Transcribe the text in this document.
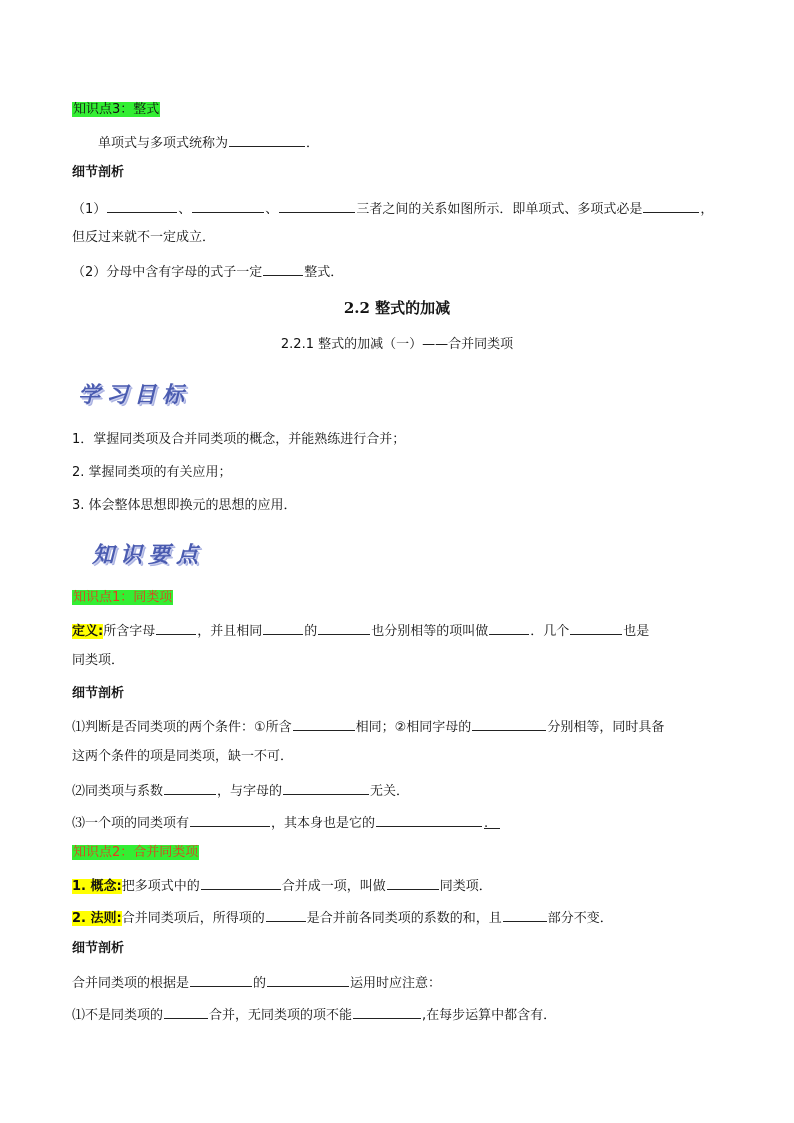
知识点3：整式
单项式与多项式统称为	．
细节剖析
（1）	、	、	三者之间的关系如图所示．即单项式、多项式必是	，
但反过来就不一定成立．
（2）分母中含有字母的式子一定	整式．
2.2 整式的加减
2.2.1 整式的加减（一）——合并同类项
学习目标
1．掌握同类项及合并同类项的概念，并能熟练进行合并；
2. 掌握同类项的有关应用；
3. 体会整体思想即换元的思想的应用．
知识要点
知识点1：同类项
定义:所含字母	，并且相同	的	也分别相等的项叫做	．几个	也是
同类项．
细节剖析
⑴判断是否同类项的两个条件：①所含	相同；②相同字母的	分别相等，同时具备
这两个条件的项是同类项，缺一不可．
⑵同类项与系数	，与字母的	无关．
⑶一个项的同类项有	，其本身也是它的	.
知识点2：合并同类项
1. 概念:把多项式中的	合并成一项，叫做	同类项．
2. 法则:合并同类项后，所得项的	是合并前各同类项的系数的和，且	部分不变．
细节剖析
合并同类项的根据是	的	运用时应注意：
⑴不是同类项的	合并，无同类项的项不能	,在每步运算中都含有．
